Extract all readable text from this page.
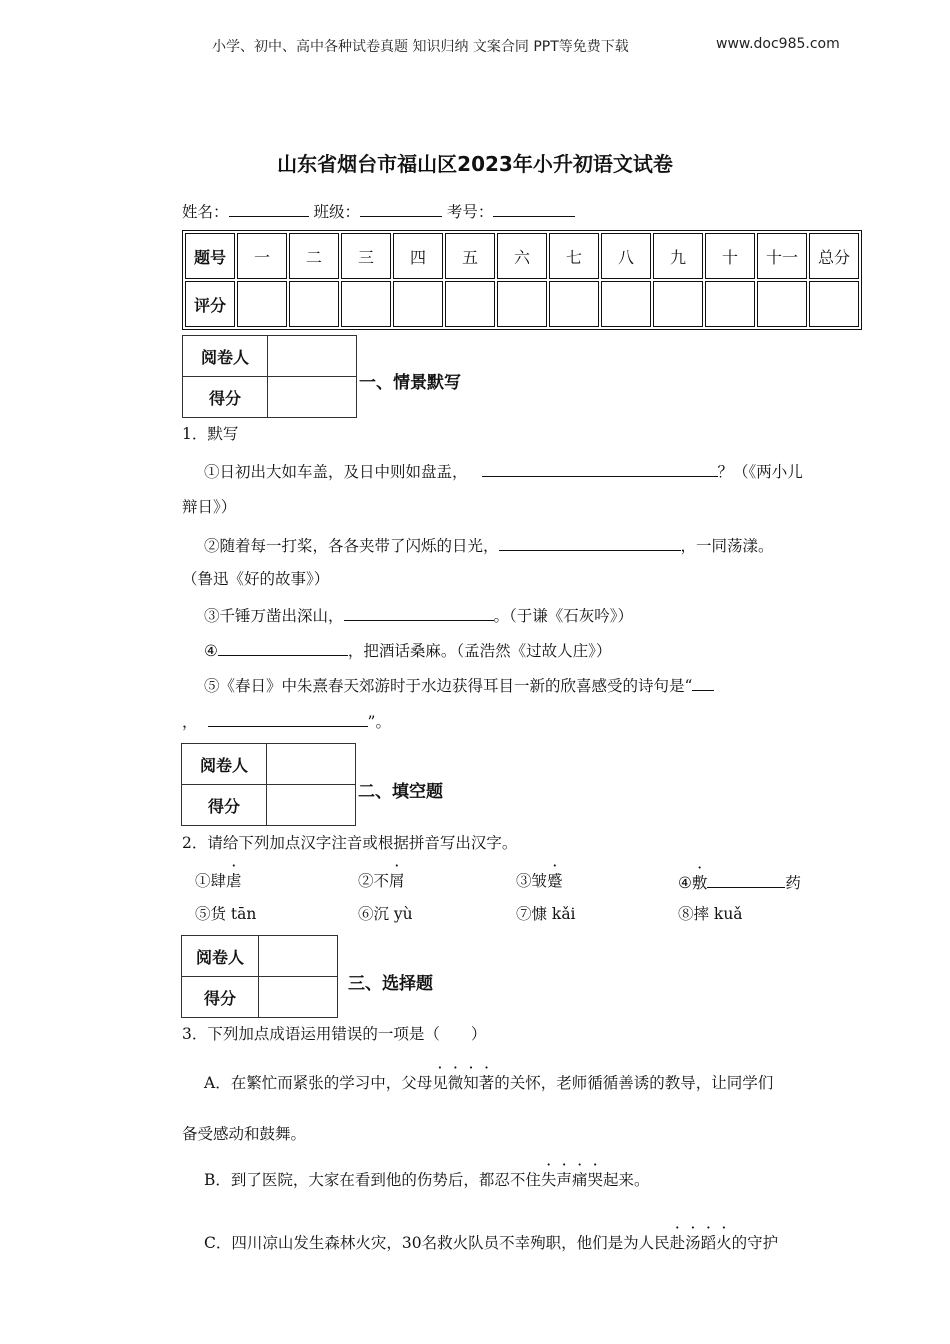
小学、初中、高中各种试卷真题 知识归纳 文案合同 PPT等免费下载	www.doc985.com
山东省烟台市福山区2023年小升初语文试卷
姓名：	班级：	考号：
题号	一	二	三	四	五	六	七	八	九	十	十一	总分
评分												
阅卷人	
得分	
一、情景默写
1．默写
①日初出大如车盖，及日中则如盘盂，	？（《两小儿
辩日》）
②随着每一打桨，各各夹带了闪烁的日光，	，一同荡漾。
（鲁迅《好的故事》）
③千锤万凿出深山，	。（于谦《石灰吟》）
④	，把酒话桑麻。（孟浩然《过故人庄》）
⑤《春日》中朱熹春天郊游时于水边获得耳目一新的欣喜感受的诗句是“
，	”。
阅卷人	
得分	
二、填空题
2．请给下列加点汉字注音或根据拼音写出汉字。
①肆虐	②不屑	③皱蹙	④敷	药
⑤货 tān	⑥沉 yù	⑦慷 kǎi	⑧摔 kuǎ
阅卷人	
得分	
三、选择题
3．下列加点成语运用错误的一项是（　　）
A．在繁忙而紧张的学习中，父母见微知著的关怀，老师循循善诱的教导，让同学们
备受感动和鼓舞。
B．到了医院，大家在看到他的伤势后，都忍不住失声痛哭起来。
C．四川凉山发生森林火灾，30名救火队员不幸殉职，他们是为人民赴汤蹈火的守护
